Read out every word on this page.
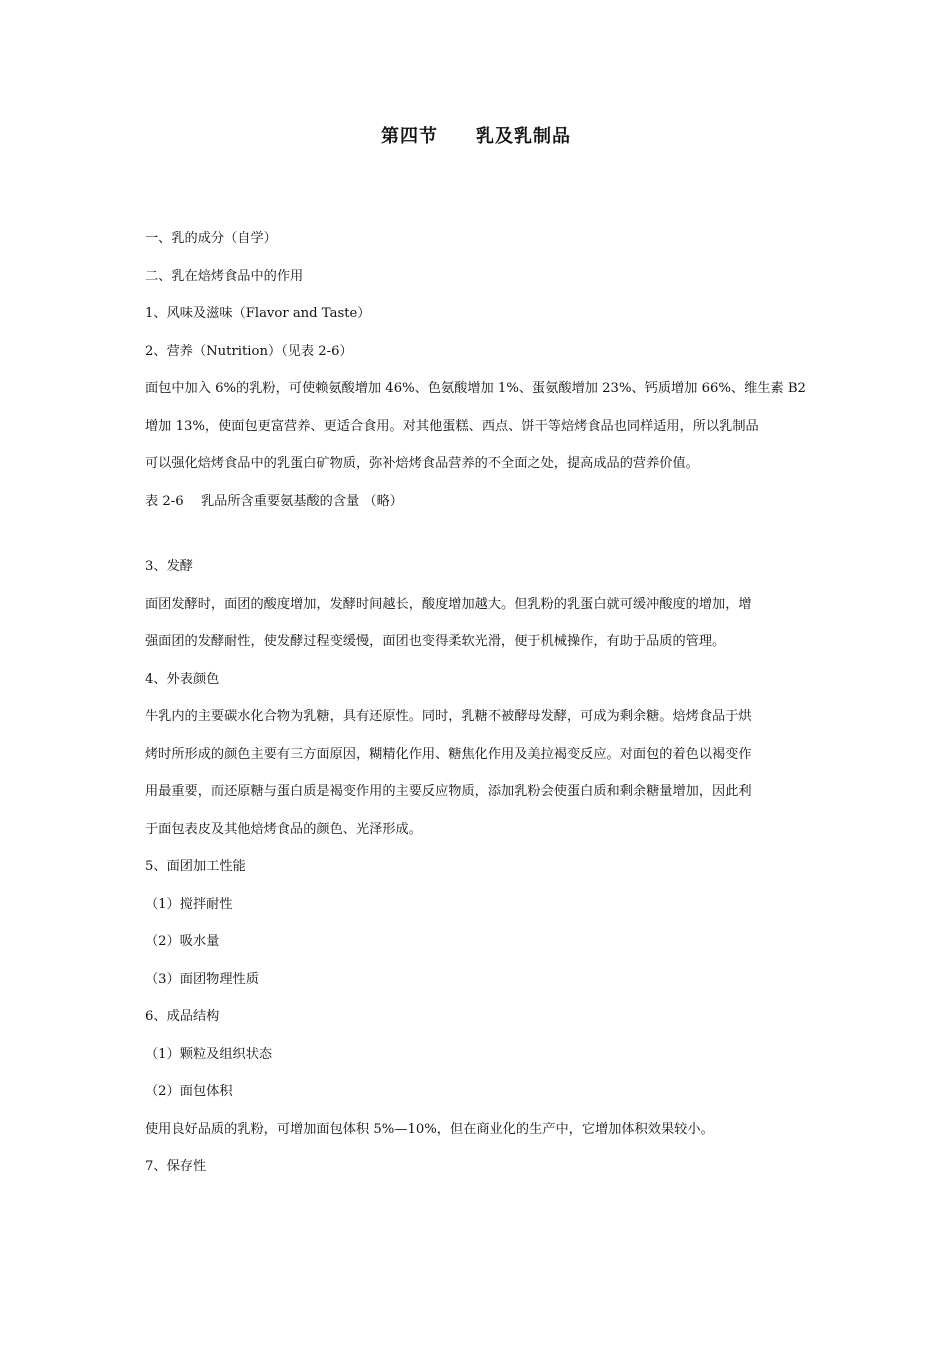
第四节　　乳及乳制品
一、乳的成分（自学）
二、乳在焙烤食品中的作用
1、风味及滋味（Flavor and Taste）
2、营养（Nutrition）（见表 2-6）
面包中加入 6%的乳粉，可使赖氨酸增加 46%、色氨酸增加 1%、蛋氨酸增加 23%、钙质增加 66%、维生素 B2
增加 13%，使面包更富营养、更适合食用。对其他蛋糕、西点、饼干等焙烤食品也同样适用，所以乳制品
可以强化焙烤食品中的乳蛋白矿物质，弥补焙烤食品营养的不全面之处，提高成品的营养价值。
表 2-6　 乳品所含重要氨基酸的含量 （略）
3、发酵
面团发酵时，面团的酸度增加，发酵时间越长，酸度增加越大。但乳粉的乳蛋白就可缓冲酸度的增加，增
强面团的发酵耐性，使发酵过程变缓慢，面团也变得柔软光滑，便于机械操作，有助于品质的管理。
4、外表颜色
牛乳内的主要碳水化合物为乳糖，具有还原性。同时，乳糖不被酵母发酵，可成为剩余糖。焙烤食品于烘
烤时所形成的颜色主要有三方面原因，糊精化作用、糖焦化作用及美拉褐变反应。对面包的着色以褐变作
用最重要，而还原糖与蛋白质是褐变作用的主要反应物质，添加乳粉会使蛋白质和剩余糖量增加，因此利
于面包表皮及其他焙烤食品的颜色、光泽形成。
5、面团加工性能
（1）搅拌耐性
（2）吸水量
（3）面团物理性质
6、成品结构
（1）颗粒及组织状态
（2）面包体积
使用良好品质的乳粉，可增加面包体积 5%—10%，但在商业化的生产中，它增加体积效果较小。
7、保存性
